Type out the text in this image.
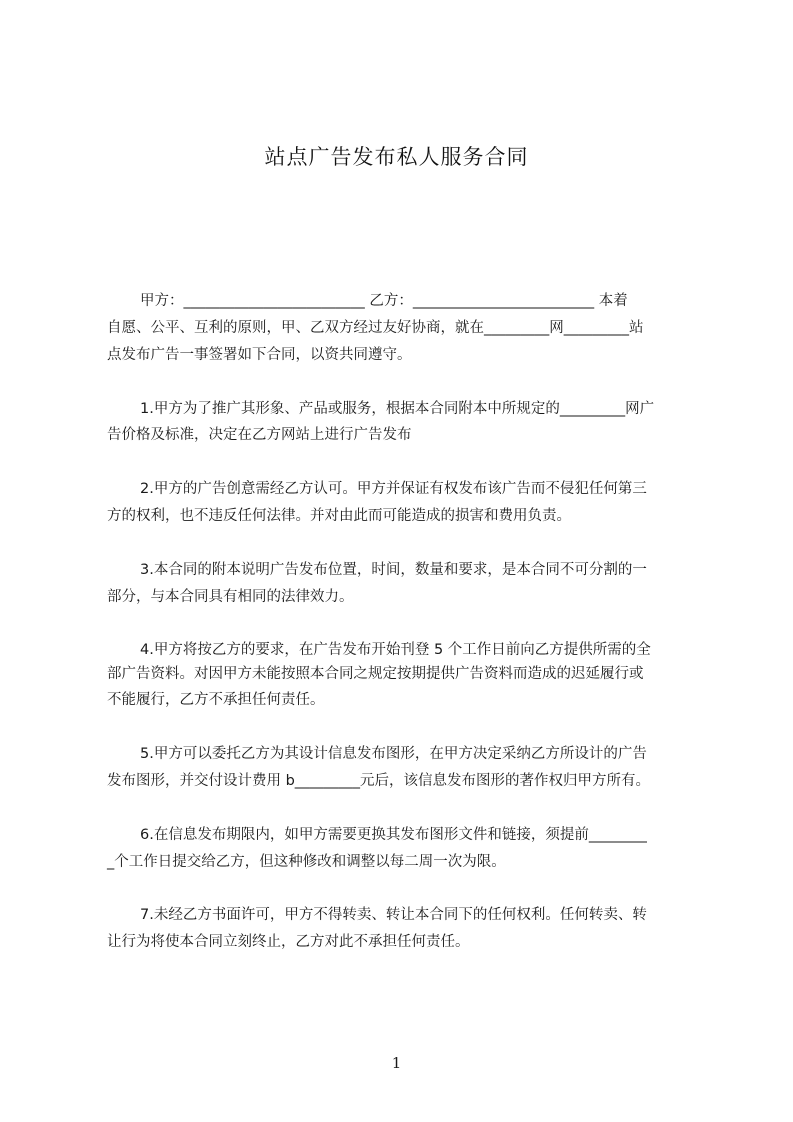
站点广告发布私人服务合同
甲方：_________________________ 乙方：_________________________ 本着
自愿、公平、互利的原则，甲、乙双方经过友好协商，就在_________网_________站
点发布广告一事签署如下合同，以资共同遵守。
1.甲方为了推广其形象、产品或服务，根据本合同附本中所规定的_________网广
告价格及标准，决定在乙方网站上进行广告发布
2.甲方的广告创意需经乙方认可。甲方并保证有权发布该广告而不侵犯任何第三
方的权利，也不违反任何法律。并对由此而可能造成的损害和费用负责。
3.本合同的附本说明广告发布位置，时间，数量和要求，是本合同不可分割的一
部分，与本合同具有相同的法律效力。
4.甲方将按乙方的要求，在广告发布开始刊登 5 个工作日前向乙方提供所需的全
部广告资料。对因甲方未能按照本合同之规定按期提供广告资料而造成的迟延履行或
不能履行，乙方不承担任何责任。
5.甲方可以委托乙方为其设计信息发布图形，在甲方决定采纳乙方所设计的广告
发布图形，并交付设计费用 b_________元后，该信息发布图形的著作权归甲方所有。
6.在信息发布期限内，如甲方需要更换其发布图形文件和链接，须提前________
_个工作日提交给乙方，但这种修改和调整以每二周一次为限。
7.未经乙方书面许可，甲方不得转卖、转让本合同下的任何权利。任何转卖、转
让行为将使本合同立刻终止，乙方对此不承担任何责任。
1
